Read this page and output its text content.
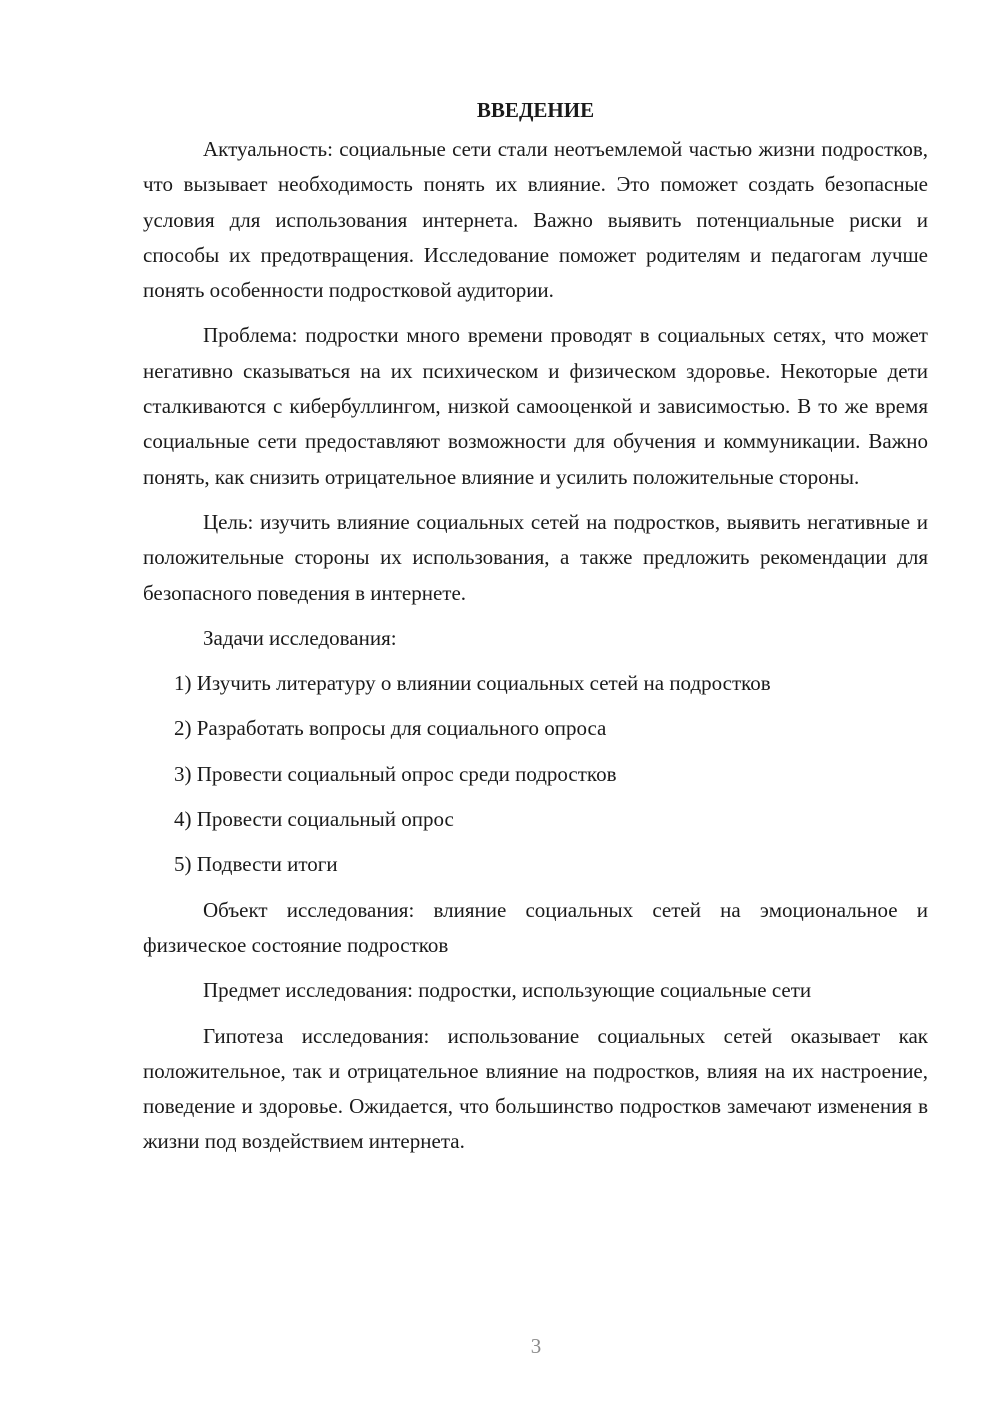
ВВЕДЕНИЕ

Актуальность: социальные сети стали неотъемлемой частью жизни подростков, что вызывает необходимость понять их влияние. Это поможет создать безопасные условия для использования интернета. Важно выявить потенциальные риски и способы их предотвращения. Исследование поможет родителям и педагогам лучше понять особенности подростковой аудитории.

Проблема: подростки много времени проводят в социальных сетях, что может негативно сказываться на их психическом и физическом здоровье. Некоторые дети сталкиваются с кибербуллингом, низкой самооценкой и зависимостью. В то же время социальные сети предоставляют возможности для обучения и коммуникации. Важно понять, как снизить отрицательное влияние и усилить положительные стороны.

Цель: изучить влияние социальных сетей на подростков, выявить негативные и положительные стороны их использования, а также предложить рекомендации для безопасного поведения в интернете.

Задачи исследования:

1) Изучить литературу о влиянии социальных сетей на подростков
2) Разработать вопросы для социального опроса
3) Провести социальный опрос среди подростков
4) Провести социальный опрос
5) Подвести итоги

Объект исследования: влияние социальных сетей на эмоциональное и физическое состояние подростков

Предмет исследования: подростки, использующие социальные сети

Гипотеза исследования: использование социальных сетей оказывает как положительное, так и отрицательное влияние на подростков, влияя на их настроение, поведение и здоровье. Ожидается, что большинство подростков замечают изменения в жизни под воздействием интернета.

3
